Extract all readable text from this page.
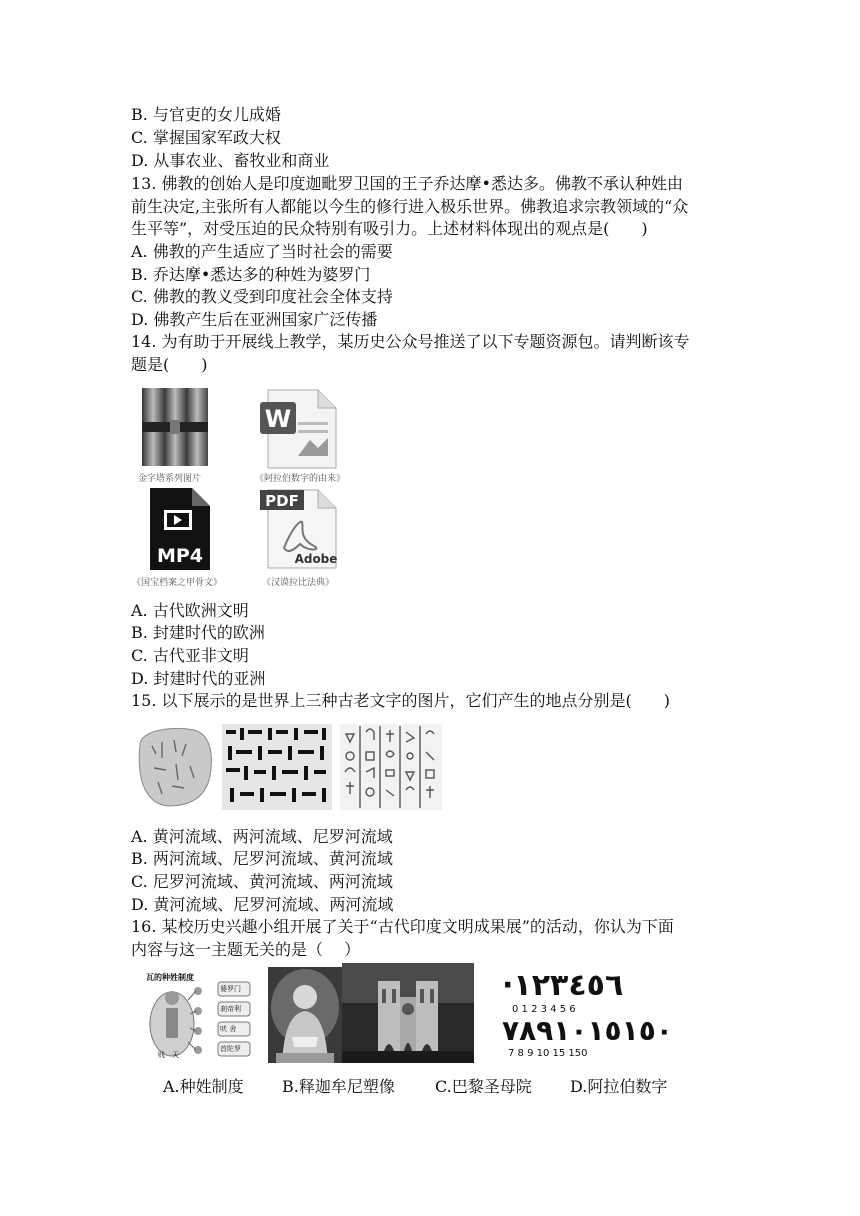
B. 与官吏的女儿成婚
C. 掌握国家军政大权
D. 从事农业、畜牧业和商业
13. 佛教的创始人是印度迦毗罗卫国的王子乔达摩•悉达多。佛教不承认种姓由
前生决定,主张所有人都能以今生的修行进入极乐世界。佛教追求宗教领域的“众
生平等”，对受压迫的民众特别有吸引力。上述材料体现出的观点是(　　)
A. 佛教的产生适应了当时社会的需要
B. 乔达摩•悉达多的种姓为婆罗门
C. 佛教的教义受到印度社会全体支持
D. 佛教产生后在亚洲国家广泛传播
14. 为有助于开展线上教学，某历史公众号推送了以下专题资源包。请判断该专
题是(　　)
金字塔系列图片
W
《阿拉伯数字的由来》
MP4
《国宝档案之甲骨文》
PDF
Adobe
《汉谟拉比法典》
A. 古代欧洲文明
B. 封建时代的欧洲
C. 古代亚非文明
D. 封建时代的亚洲
15. 以下展示的是世界上三种古老文字的图片，它们产生的地点分别是(　　)
A. 黄河流域、两河流域、尼罗河流域
B. 两河流域、尼罗河流域、黄河流域
C. 尼罗河流域、黄河流域、两河流域
D. 黄河流域、尼罗河流域、两河流域
16. 某校历史兴趣小组开展了关于“古代印度文明成果展”的活动，你认为下面
内容与这一主题无关的是（　 ）
瓦的种姓制度
婆罗门
刹帝利
吠 舍
首陀罗
贱　天
·١٢٣٤٥٦
0 1 2 3 4 5 6
٧٨٩١٠١٥١٥٠
7 8 9 10 15 150
A.种姓制度 B.释迦牟尼塑像	C.巴黎圣母院 D.阿拉伯数字
